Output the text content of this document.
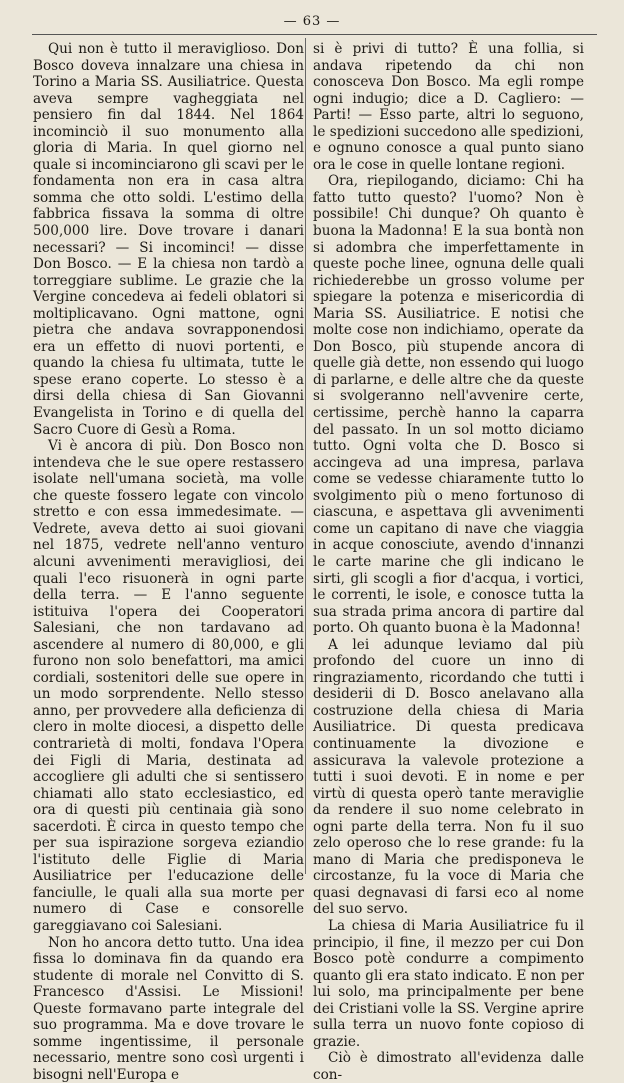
— 63 —

Qui non è tutto il meraviglioso. Don Bosco doveva innalzare una chiesa in Torino a Maria SS. Ausiliatrice. Questa aveva sempre vagheggiata nel pensiero fin dal 1844. Nel 1864 incominciò il suo monumento alla gloria di Maria. In quel giorno nel quale si incominciarono gli scavi per le fondamenta non era in casa altra somma che otto soldi. L'estimo della fabbrica fissava la somma di oltre 500,000 lire. Dove trovare i danari necessari? — Si incominci! — disse Don Bosco. — E la chiesa non tardò a torreggiare sublime. Le grazie che la Vergine concedeva ai fedeli oblatori si moltiplicavano. Ogni mattone, ogni pietra che andava sovrapponendosi era un effetto di nuovi portenti, e quando la chiesa fu ultimata, tutte le spese erano coperte. Lo stesso è a dirsi della chiesa di San Giovanni Evangelista in Torino e di quella del Sacro Cuore di Gesù a Roma.

Vi è ancora di più. Don Bosco non intendeva che le sue opere restassero isolate nell'umana società, ma volle che queste fossero legate con vincolo stretto e con essa immedesimate. — Vedrete, aveva detto ai suoi giovani nel 1875, vedrete nell'anno venturo alcuni avvenimenti meravigliosi, dei quali l'eco risuonerà in ogni parte della terra. — E l'anno seguente istituiva l'opera dei Cooperatori Salesiani, che non tardavano ad ascendere al numero di 80,000, e gli furono non solo benefattori, ma amici cordiali, sostenitori delle sue opere in un modo sorprendente. Nello stesso anno, per provvedere alla deficienza di clero in molte diocesi, a dispetto delle contrarietà di molti, fondava l'Opera dei Figli di Maria, destinata ad accogliere gli adulti che si sentissero chiamati allo stato ecclesiastico, ed ora di questi più centinaia già sono sacerdoti. È circa in questo tempo che per sua ispirazione sorgeva eziandio l'istituto delle Figlie di Maria Ausiliatrice per l'educazione delle fanciulle, le quali alla sua morte per numero di Case e consorelle gareggiavano coi Salesiani.

Non ho ancora detto tutto. Una idea fissa lo dominava fin da quando era studente di morale nel Convitto di S. Francesco d'Assisi. Le Missioni! Queste formavano parte integrale del suo programma. Ma e dove trovare le somme ingentissime, il personale necessario, mentre sono così urgenti i bisogni nell'Europa e

si è privi di tutto? È una follia, si andava ripetendo da chi non conosceva Don Bosco. Ma egli rompe ogni indugio; dice a D. Cagliero: — Parti! — Esso parte, altri lo seguono, le spedizioni succedono alle spedizioni, e ognuno conosce a qual punto siano ora le cose in quelle lontane regioni.

Ora, riepilogando, diciamo: Chi ha fatto tutto questo? l'uomo? Non è possibile! Chi dunque? Oh quanto è buona la Madonna! E la sua bontà non si adombra che imperfettamente in queste poche linee, ognuna delle quali richiederebbe un grosso volume per spiegare la potenza e misericordia di Maria SS. Ausiliatrice. E notisi che molte cose non indichiamo, operate da Don Bosco, più stupende ancora di quelle già dette, non essendo qui luogo di parlarne, e delle altre che da queste si svolgeranno nell'avvenire certe, certissime, perchè hanno la caparra del passato. In un sol motto diciamo tutto. Ogni volta che D. Bosco si accingeva ad una impresa, parlava come se vedesse chiaramente tutto lo svolgimento più o meno fortunoso di ciascuna, e aspettava gli avvenimenti come un capitano di nave che viaggia in acque conosciute, avendo d'innanzi le carte marine che gli indicano le sirti, gli scogli a fior d'acqua, i vortici, le correnti, le isole, e conosce tutta la sua strada prima ancora di partire dal porto. Oh quanto buona è la Madonna!

A lei adunque leviamo dal più profondo del cuore un inno di ringraziamento, ricordando che tutti i desiderii di D. Bosco anelavano alla costruzione della chiesa di Maria Ausiliatrice. Di questa predicava continuamente la divozione e assicurava la valevole protezione a tutti i suoi devoti. E in nome e per virtù di questa operò tante meraviglie da rendere il suo nome celebrato in ogni parte della terra. Non fu il suo zelo operoso che lo rese grande: fu la mano di Maria che predisponeva le circostanze, fu la voce di Maria che quasi degnavasi di farsi eco al nome del suo servo.

La chiesa di Maria Ausiliatrice fu il principio, il fine, il mezzo per cui Don Bosco potè condurre a compimento quanto gli era stato indicato. E non per lui solo, ma principalmente per bene dei Cristiani volle la SS. Vergine aprire sulla terra un nuovo fonte copioso di grazie.

Ciò è dimostrato all'evidenza dalle con-
